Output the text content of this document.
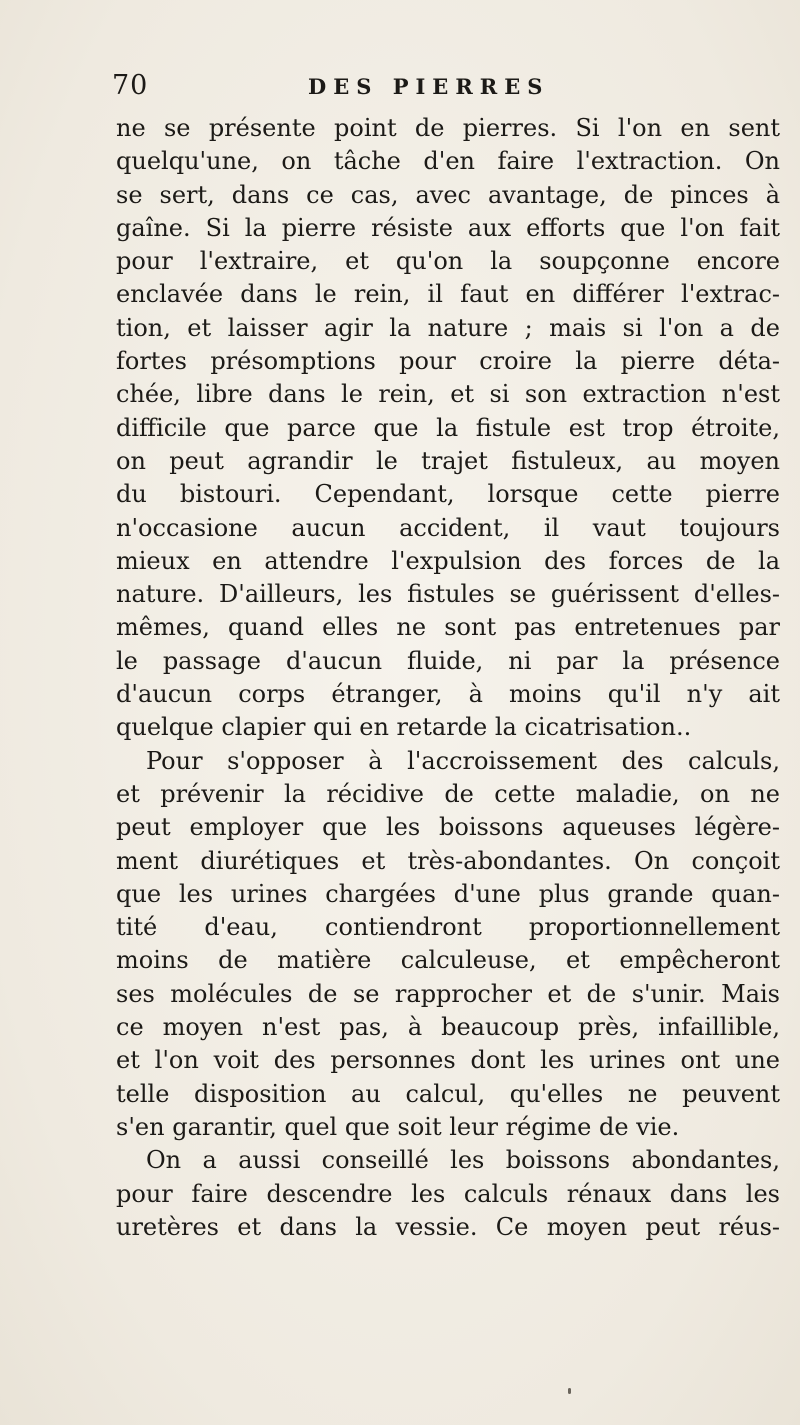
70	DES PIERRES
ne se présente point de pierres. Si l'on en sent
quelqu'une, on tâche d'en faire l'extraction. On
se sert, dans ce cas, avec avantage, de pinces à
gaîne. Si la pierre résiste aux efforts que l'on fait
pour l'extraire, et qu'on la soupçonne encore
enclavée dans le rein, il faut en différer l'extrac-
tion, et laisser agir la nature ; mais si l'on a de
fortes présomptions pour croire la pierre déta-
chée, libre dans le rein, et si son extraction n'est
difficile que parce que la fistule est trop étroite,
on peut agrandir le trajet fistuleux, au moyen
du bistouri. Cependant, lorsque cette pierre
n'occasione aucun accident, il vaut toujours
mieux en attendre l'expulsion des forces de la
nature. D'ailleurs, les fistules se guérissent d'elles-
mêmes, quand elles ne sont pas entretenues par
le passage d'aucun fluide, ni par la présence
d'aucun corps étranger, à moins qu'il n'y ait
quelque clapier qui en retarde la cicatrisation..
Pour s'opposer à l'accroissement des calculs,
et prévenir la récidive de cette maladie, on ne
peut employer que les boissons aqueuses légère-
ment diurétiques et très-abondantes. On conçoit
que les urines chargées d'une plus grande quan-
tité d'eau, contiendront proportionnellement
moins de matière calculeuse, et empêcheront
ses molécules de se rapprocher et de s'unir. Mais
ce moyen n'est pas, à beaucoup près, infaillible,
et l'on voit des personnes dont les urines ont une
telle disposition au calcul, qu'elles ne peuvent
s'en garantir, quel que soit leur régime de vie.
On a aussi conseillé les boissons abondantes,
pour faire descendre les calculs rénaux dans les
uretères et dans la vessie. Ce moyen peut réus-
